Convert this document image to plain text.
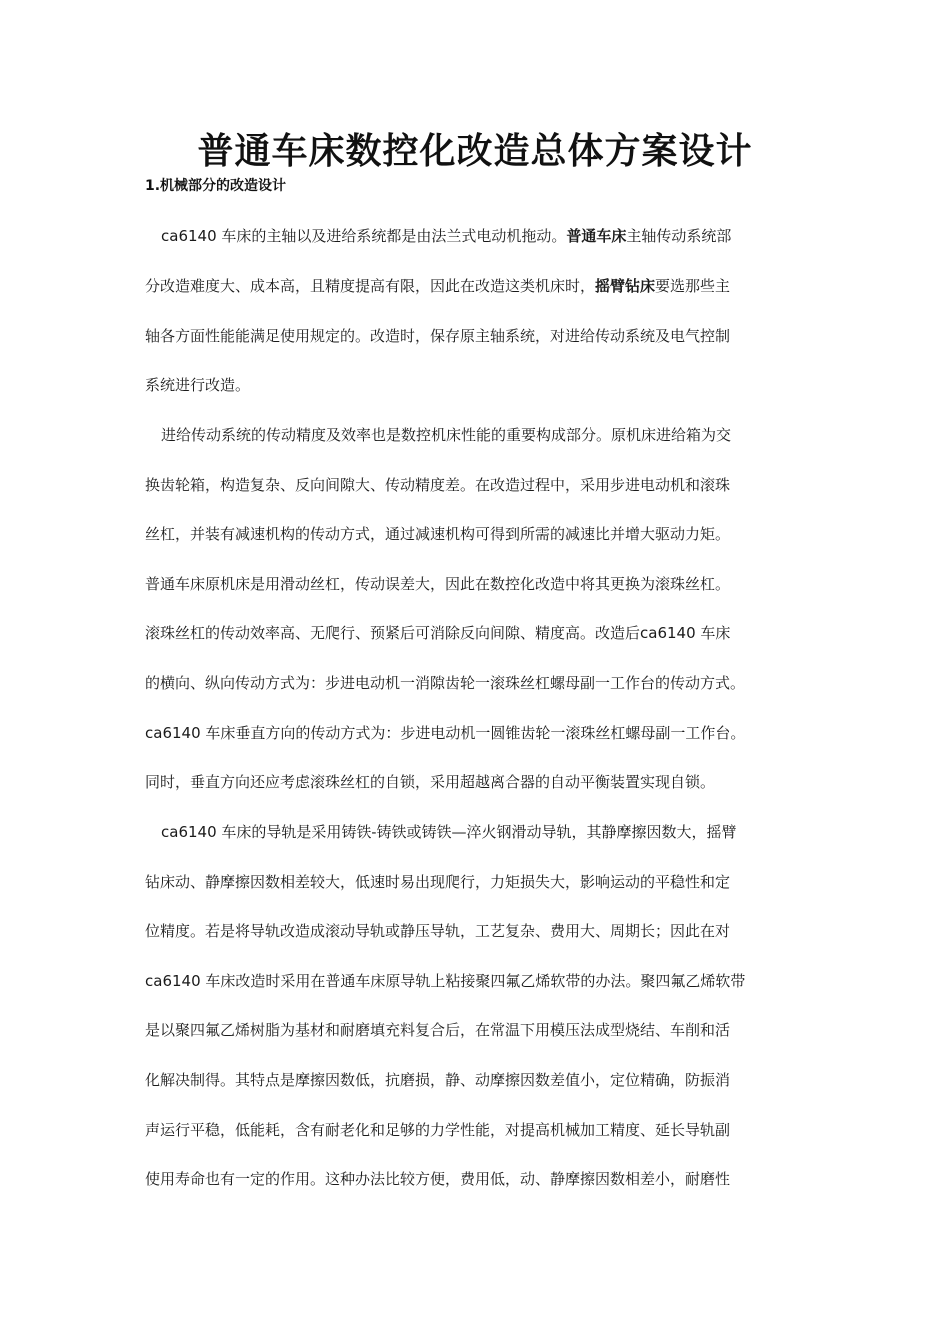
普通车床数控化改造总体方案设计
1.机械部分的改造设计

ca6140 车床的主轴以及进给系统都是由法兰式电动机拖动。普通车床主轴传动系统部

分改造难度大、成本高，且精度提高有限，因此在改造这类机床时，摇臂钻床要选那些主

轴各方面性能能满足使用规定的。改造时，保存原主轴系统，对进给传动系统及电气控制

系统进行改造。

进给传动系统的传动精度及效率也是数控机床性能的重要构成部分。原机床进给箱为交

换齿轮箱，构造复杂、反向间隙大、传动精度差。在改造过程中，采用步进电动机和滚珠

丝杠，并装有减速机构的传动方式，通过减速机构可得到所需的减速比并增大驱动力矩。

普通车床原机床是用滑动丝杠，传动误差大，因此在数控化改造中将其更换为滚珠丝杠。

滚珠丝杠的传动效率高、无爬行、预紧后可消除反向间隙、精度高。改造后ca6140 车床

的横向、纵向传动方式为：步进电动机一消隙齿轮一滚珠丝杠螺母副一工作台的传动方式。

ca6140 车床垂直方向的传动方式为：步进电动机一圆锥齿轮一滚珠丝杠螺母副一工作台。

同时，垂直方向还应考虑滚珠丝杠的自锁，采用超越离合器的自动平衡装置实现自锁。

ca6140 车床的导轨是采用铸铁-铸铁或铸铁—淬火钢滑动导轨，其静摩擦因数大，摇臂

钻床动、静摩擦因数相差较大，低速时易出现爬行，力矩损失大，影响运动的平稳性和定

位精度。若是将导轨改造成滚动导轨或静压导轨，工艺复杂、费用大、周期长；因此在对

ca6140 车床改造时采用在普通车床原导轨上粘接聚四氟乙烯软带的办法。聚四氟乙烯软带

是以聚四氟乙烯树脂为基材和耐磨填充料复合后，在常温下用模压法成型烧结、车削和活

化解决制得。其特点是摩擦因数低，抗磨损，静、动摩擦因数差值小，定位精确，防振消

声运行平稳，低能耗，含有耐老化和足够的力学性能，对提高机械加工精度、延长导轨副

使用寿命也有一定的作用。这种办法比较方便，费用低，动、静摩擦因数相差小，耐磨性
